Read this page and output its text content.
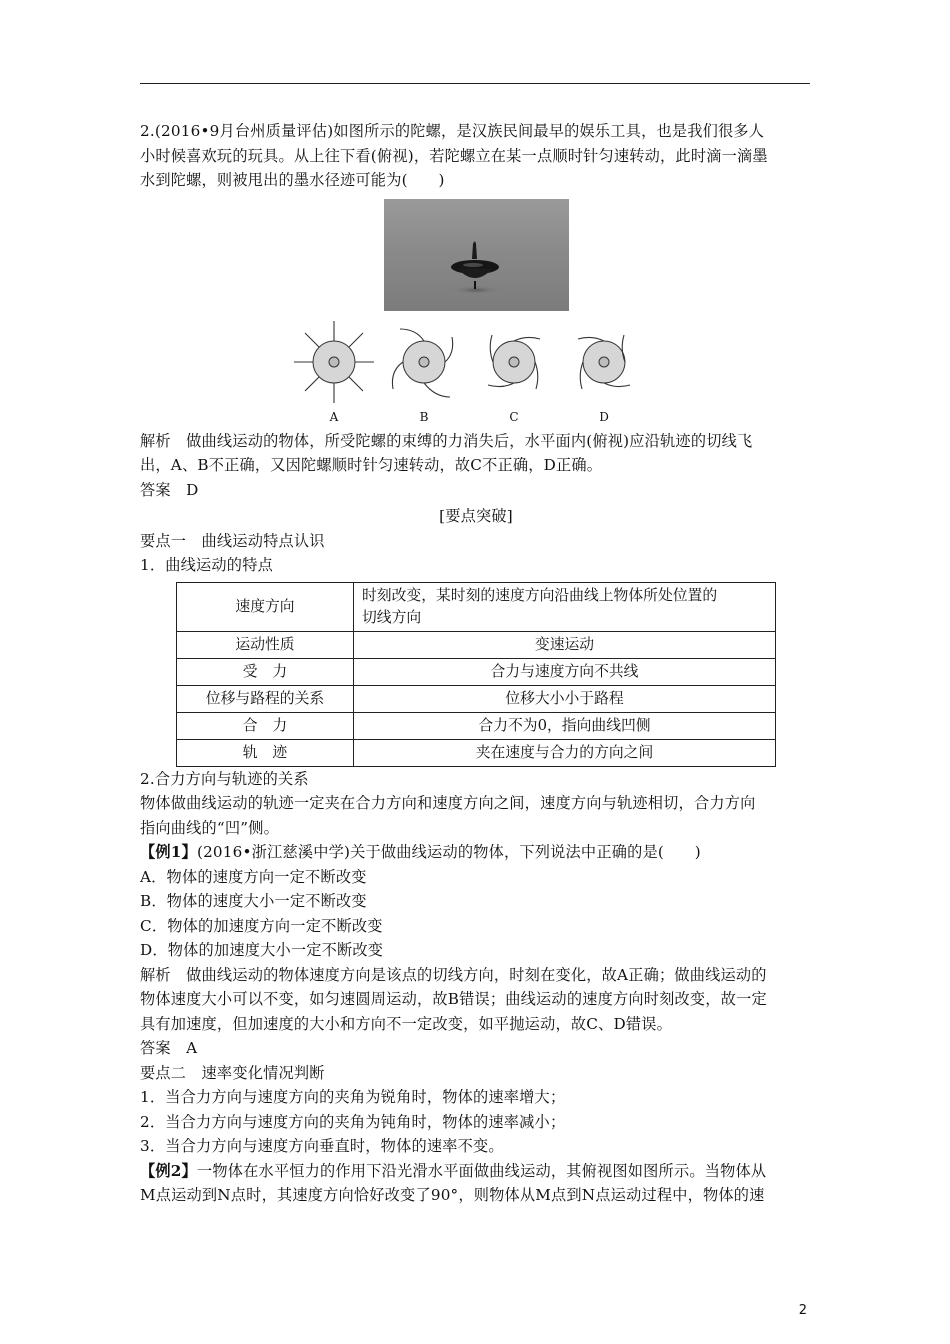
2.(2016•9月台州质量评估)如图所示的陀螺，是汉族民间最早的娱乐工具，也是我们很多人

小时候喜欢玩的玩具。从上往下看(俯视)，若陀螺立在某一点顺时针匀速转动，此时滴一滴墨

水到陀螺，则被甩出的墨水径迹可能为(　　)

A	B	C	D

解析　做曲线运动的物体，所受陀螺的束缚的力消失后，水平面内(俯视)应沿轨迹的切线飞

出，A、B不正确，又因陀螺顺时针匀速转动，故C不正确，D正确。

答案　D

[要点突破]

要点一　曲线运动特点认识

1．曲线运动的特点

速度方向	时刻改变，某时刻的速度方向沿曲线上物体所处位置的
切线方向
运动性质	变速运动
受　力	合力与速度方向不共线
位移与路程的关系	位移大小小于路程
合　力	合力不为0，指向曲线凹侧
轨　迹	夹在速度与合力的方向之间

2.合力方向与轨迹的关系

物体做曲线运动的轨迹一定夹在合力方向和速度方向之间，速度方向与轨迹相切，合力方向

指向曲线的“凹”侧。

【例1】(2016•浙江慈溪中学)关于做曲线运动的物体，下列说法中正确的是(　　)

A．物体的速度方向一定不断改变

B．物体的速度大小一定不断改变

C．物体的加速度方向一定不断改变

D．物体的加速度大小一定不断改变

解析　做曲线运动的物体速度方向是该点的切线方向，时刻在变化，故A正确；做曲线运动的

物体速度大小可以不变，如匀速圆周运动，故B错误；曲线运动的速度方向时刻改变，故一定

具有加速度，但加速度的大小和方向不一定改变，如平抛运动，故C、D错误。

答案　A

要点二　速率变化情况判断

1．当合力方向与速度方向的夹角为锐角时，物体的速率增大；

2．当合力方向与速度方向的夹角为钝角时，物体的速率减小；

3．当合力方向与速度方向垂直时，物体的速率不变。

【例2】一物体在水平恒力的作用下沿光滑水平面做曲线运动，其俯视图如图所示。当物体从

M点运动到N点时，其速度方向恰好改变了90°，则物体从M点到N点运动过程中，物体的速

2
